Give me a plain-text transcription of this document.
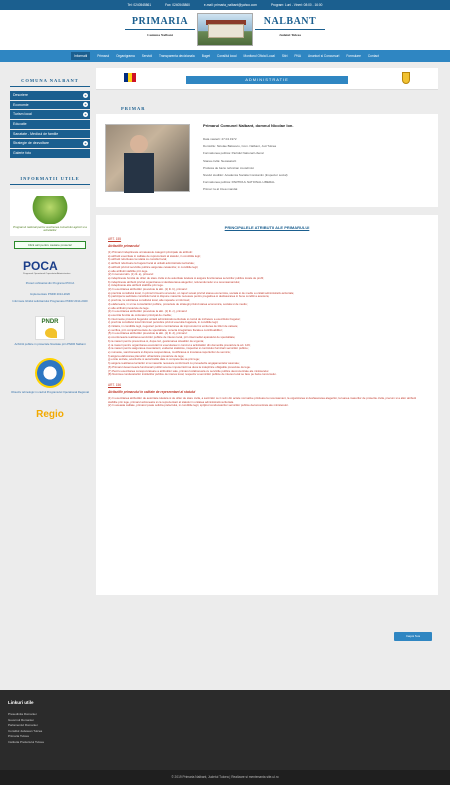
Tel: 0240545861	Fax: 0240545860	e-mail: primaria_nalbant@yahoo.com	Program: Luni - Vineri: 08:00 - 16:00
PRIMARIA
Comuna Nalbant
NALBANT
Judetul Tulcea
Informatii	Primarul Organigrama Servicii Transparenta decizionala Buget Consiliul local Monitorul Oficial Local Stiri PNA Anunturi si Concursuri Formulare Contact
COMUNA NALBANT
Descriere	+
Economie	+
Turism local	+
Educatie
Sanatate - Medicul de familie
Strategie de dezvoltare	+
Galerie foto
INFORMATII UTILE
Programul national pentru sustinerea comertului agricol si a activitatilor
Click aici pentru cautare proiecte!
POCA
Programul Operational Capacitate Administrativa
Proiect cofinantat din Programul POCA
Implementare PNDR 2014-2020
Informare Ghidul solicitantului Programare PNDR 2014-2020
PNDR
Achizitii publice in proiectele finantate prin PNDR Nalbant
Obiectiv tehnologic in cadrul Programului Operational Regional
Regio
ADMINISTRATIE
PRIMAR
Primarul Comunei Nalbant, domnul Nicolae Ion.

Data nasterii: 27.04.1972

Domiciliu: Nicolae Balcescu, Com. Nalbant, Jud.Tulcea

Formatiunea politica: Partidul National Liberal

Starea civila: Necasatorit

Profesia de baza: tehnician zootehnist

Nivelul studiilor: Academia Sociala Constantin (Inspector social)

Formatiunea politica: PARTIDUL NATIONAL LIBERAL

Primar: la al 3-lea mandat

PRINCIPALELE ATRIBUTII ALE PRIMARULUI
ART. 155
Atributiile primarului

(1) Primarul indeplineste urmatoarele categorii principale de atributii:

a) atributii exercitate in calitate de reprezentant al statului, in conditiile legii;

b) atributii referitoare la relatia cu consiliul local;

c) atributii referitoare la bugetul local al unitatii administrativ-teritoriale;

d) atributii privind serviciile publice asigurate cetatenilor, in conditiile legii;

e) alte atributii stabilite prin lege.

(2) In temeiul alin. (1) lit. a), primarul:

a) indeplineste functia de ofiter de stare civila si de autoritate tutelara si asigura functionarea serviciilor publice locale de profil;

b) indeplineste atributii privind organizarea si desfasurarea alegerilor, referendumului si a recensamantului;

c) indeplineste alte atributii stabilite prin lege.

(3) In exercitarea atributiilor prevazute la alin. (1) lit. b), primarul:

a) prezinta consiliului local, in primul trimestru al anului, un raport anual privind starea economica, sociala si de mediu a unitatii administrativ-teritoriale;

b) participa la sedintele consiliului local si dispune masurile necesare pentru pregatirea si desfasurarea in bune conditii a acestora;

c) prezinta, la solicitarea consiliului local, alte rapoarte si informari;

d) elaboreaza, in urma consultarilor publice, proiectele de strategii privind starea economica, sociala si de mediu;

e) alte atributii prevazute de lege.

(4) In exercitarea atributiilor prevazute la alin. (1) lit. c), primarul:

a) exercita functia de ordonator principal de credite;

b) intocmeste proiectul bugetului unitatii administrativ-teritoriale si contul de incheiere a exercitiului bugetar;

c) prezinta consiliului local informari periodice privind executia bugetara, in conditiile legii;

d) initiaza, in conditiile legii, negocieri pentru contractarea de imprumuturi si emiterea de titluri de valoare;

e) verifica, prin compartimentele de specialitate, corecta inregistrare fiscala a contribuabililor;

(5) In exercitarea atributiilor prevazute la alin. (1) lit. d), primarul:

a) coordoneaza realizarea serviciilor publice de interes local, prin intermediul aparatului de specialitate;

b) ia masuri pentru prevenirea si, dupa caz, gestionarea situatiilor de urgenta;

c) ia masuri pentru organizarea executarii si executarea in concret a activitatilor din domeniile prevazute la art. 129;

d) ia masuri pentru asigurarea inventarierii, evidentei statistice, inspectiei si controlului furnizarii serviciilor publice;

e) numeste, sanctioneaza si dispune suspendarea, modificarea si incetarea raporturilor de serviciu;

f) asigura elaborarea planurilor urbanistice prevazute de lege;

g) emite avizele, acordurile si autorizatiile date in competenta sa prin lege;

h) asigura realizarea lucrarilor si ia masurile necesare conformarii cu prevederile angajamentelor asumate;

(6) Primarul desemneaza functionarii publici anume imputerniciti sa duca la indeplinire obligatiile prevazute de lege.

(7) Pentru exercitarea corespunzatoare a atributiilor sale, primarul colaboreaza cu serviciile publice deconcentrate ale ministerelor.

(8) Numirea conducatorilor institutiilor publice de interes local, respectiv a serviciilor publice de interes local se face pe baza concursului.

ART. 156
Atributiile primarului in calitate de reprezentant al statului

(1) In exercitarea atributiilor de autoritate tutelara si de ofiter de stare civila, a sarcinilor ce ii revin din actele normative privitoare la recensamant, la organizarea si desfasurarea alegerilor, la luarea masurilor de protectie civila, precum si a altor atributii stabilite prin lege, primarul actioneaza si ca reprezentant al statului in unitatea administrativ-teritoriala.

(2) In aceasta calitate, primarul poate solicita prefectului, in conditiile legii, sprijinul conducatorilor serviciilor publice deconcentrate ale ministerelor.

Inapoi Sus
Linkuri utile
Presedintia Romaniei
Guvernul Romaniei
Parlamentul Romaniei
Consiliul Judetean Tulcea
Primaria Tulcea
Institutia Prefectului Tulcea
© 2019 Primaria Nalbant, Judetul Tulcea | Realizare si mentenanta site-ul.ro
